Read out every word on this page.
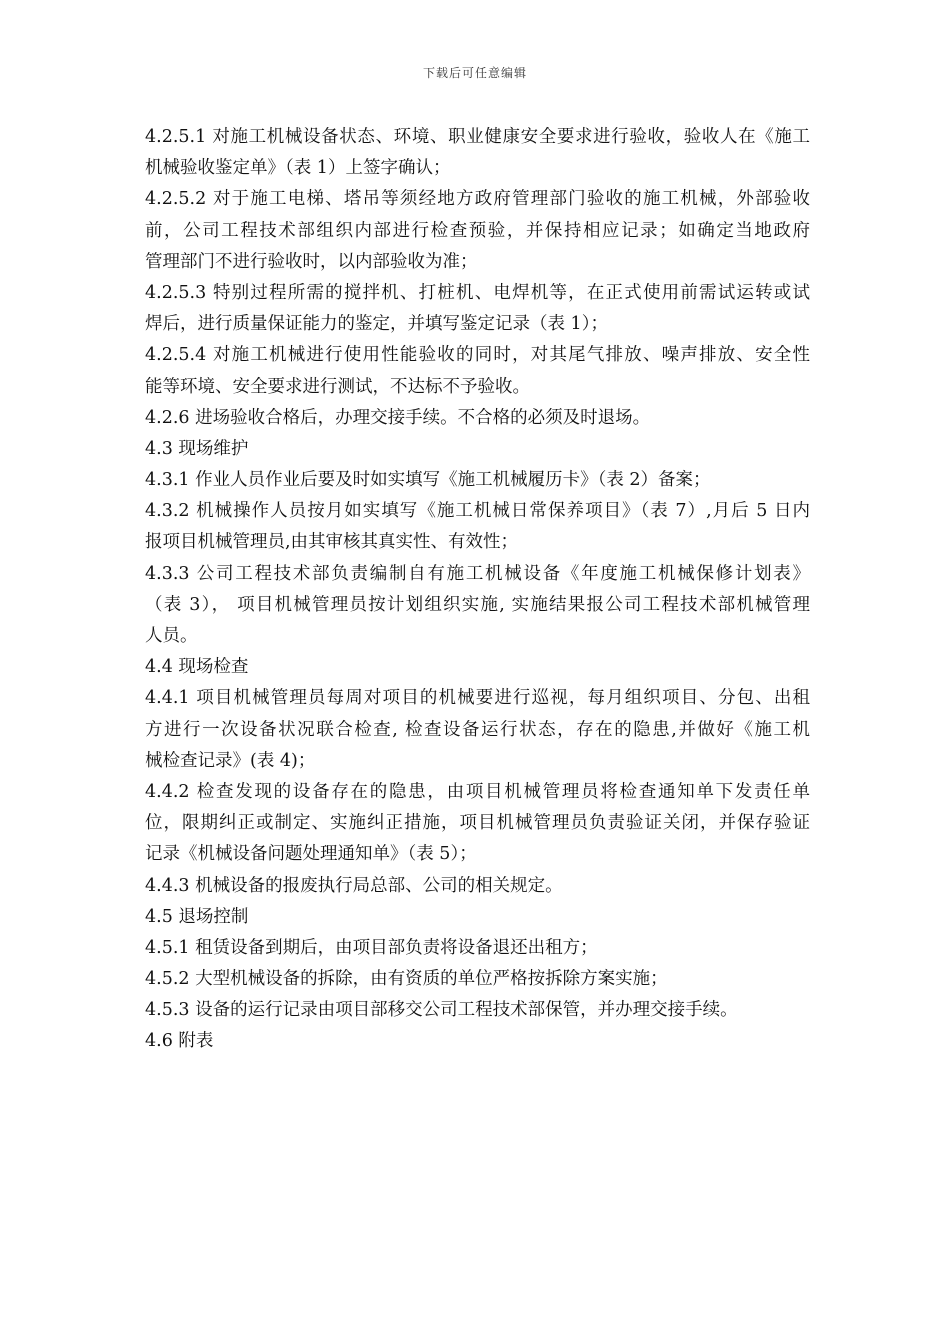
下载后可任意编辑
4.2.5.1 对施工机械设备状态、环境、职业健康安全要求进行验收，验收人在《施工
机械验收鉴定单》（表 1）上签字确认；
4.2.5.2 对于施工电梯、塔吊等须经地方政府管理部门验收的施工机械，外部验收
前，公司工程技术部组织内部进行检查预验，并保持相应记录；如确定当地政府
管理部门不进行验收时，以内部验收为准；
4.2.5.3 特别过程所需的搅拌机、打桩机、电焊机等，在正式使用前需试运转或试
焊后，进行质量保证能力的鉴定，并填写鉴定记录（表 1）；
4.2.5.4 对施工机械进行使用性能验收的同时，对其尾气排放、噪声排放、安全性
能等环境、安全要求进行测试，不达标不予验收。
4.2.6 进场验收合格后，办理交接手续。不合格的必须及时退场。
4.3 现场维护
4.3.1 作业人员作业后要及时如实填写《施工机械履历卡》（表 2）备案；
4.3.2 机械操作人员按月如实填写《施工机械日常保养项目》（表 7）,月后 5 日内
报项目机械管理员,由其审核其真实性、有效性；
4.3.3 公司工程技术部负责编制自有施工机械设备《年度施工机械保修计划表》
（表 3）， 项目机械管理员按计划组织实施, 实施结果报公司工程技术部机械管理
人员。
4.4 现场检查
4.4.1 项目机械管理员每周对项目的机械要进行巡视，每月组织项目、分包、出租
方进行一次设备状况联合检查, 检查设备运行状态，存在的隐患,并做好《施工机
械检查记录》(表 4)；
4.4.2 检查发现的设备存在的隐患，由项目机械管理员将检查通知单下发责任单
位，限期纠正或制定、实施纠正措施，项目机械管理员负责验证关闭，并保存验证
记录《机械设备问题处理通知单》（表 5）；
4.4.3 机械设备的报废执行局总部、公司的相关规定。
4.5 退场控制
4.5.1 租赁设备到期后，由项目部负责将设备退还出租方；
4.5.2 大型机械设备的拆除，由有资质的单位严格按拆除方案实施；
4.5.3 设备的运行记录由项目部移交公司工程技术部保管，并办理交接手续。
4.6 附表
